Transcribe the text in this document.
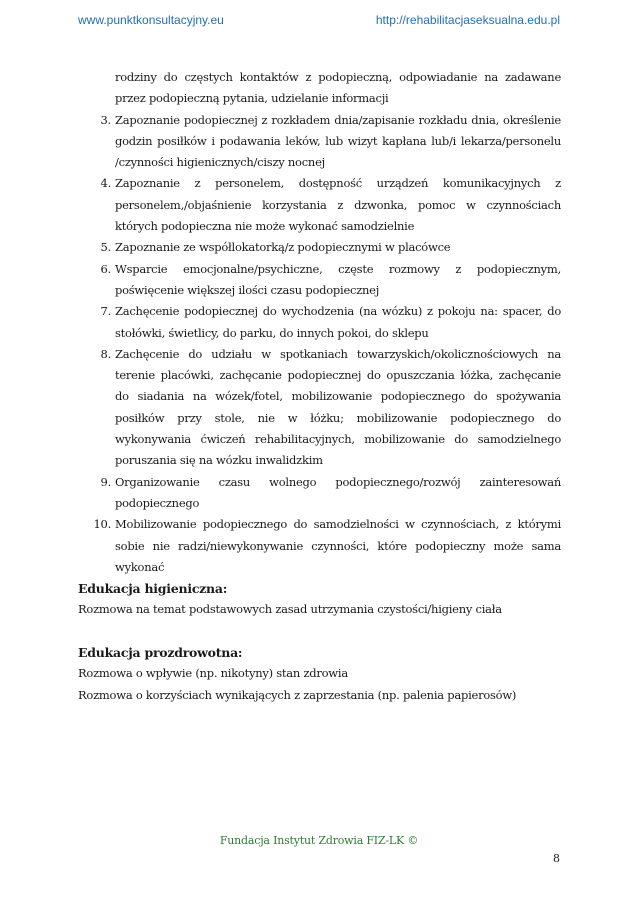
www.punktkonsultacyjny.eu	http://rehabilitacjaseksualna.edu.pl
rodziny do częstych kontaktów z podopieczną, odpowiadanie na zadawane przez podopieczną pytania, udzielanie informacji
3. Zapoznanie podopiecznej z rozkładem dnia/zapisanie rozkładu dnia, określenie godzin posiłków i podawania leków, lub wizyt kapłana lub/i lekarza/personelu /czynności higienicznych/ciszy nocnej
4. Zapoznanie z personelem, dostępność urządzeń komunikacyjnych z personelem,/objaśnienie korzystania z dzwonka, pomoc w czynnościach których podopieczna nie może wykonać samodzielnie
5. Zapoznanie ze współlokatorką/z podopiecznymi w placówce
6. Wsparcie emocjonalne/psychiczne, częste rozmowy z podopiecznym, poświęcenie większej ilości czasu podopiecznej
7. Zachęcenie podopiecznej do wychodzenia (na wózku) z pokoju na: spacer, do stołówki, świetlicy, do parku, do innych pokoi, do sklepu
8. Zachęcenie do udziału w spotkaniach towarzyskich/okolicznościowych na terenie placówki, zachęcanie podopiecznej do opuszczania łóżka, zachęcanie do siadania na wózek/fotel, mobilizowanie podopiecznego do spożywania posiłków przy stole, nie w łóżku; mobilizowanie podopiecznego do wykonywania ćwiczeń rehabilitacyjnych, mobilizowanie do samodzielnego poruszania się na wózku inwalidzkim
9. Organizowanie czasu wolnego podopiecznego/rozwój zainteresowań podopiecznego
10. Mobilizowanie podopiecznego do samodzielności w czynnościach, z którymi sobie nie radzi/niewykonywanie czynności, które podopieczny może sama wykonać
Edukacja higieniczna:

Rozmowa na temat podstawowych zasad utrzymania czystości/higieny ciała

Edukacja prozdrowotna:

Rozmowa o wpływie (np. nikotyny) stan zdrowia

Rozmowa o korzyściach wynikających z zaprzestania (np. palenia papierosów)

Fundacja Instytut Zdrowia FIZ-LK ©
8
